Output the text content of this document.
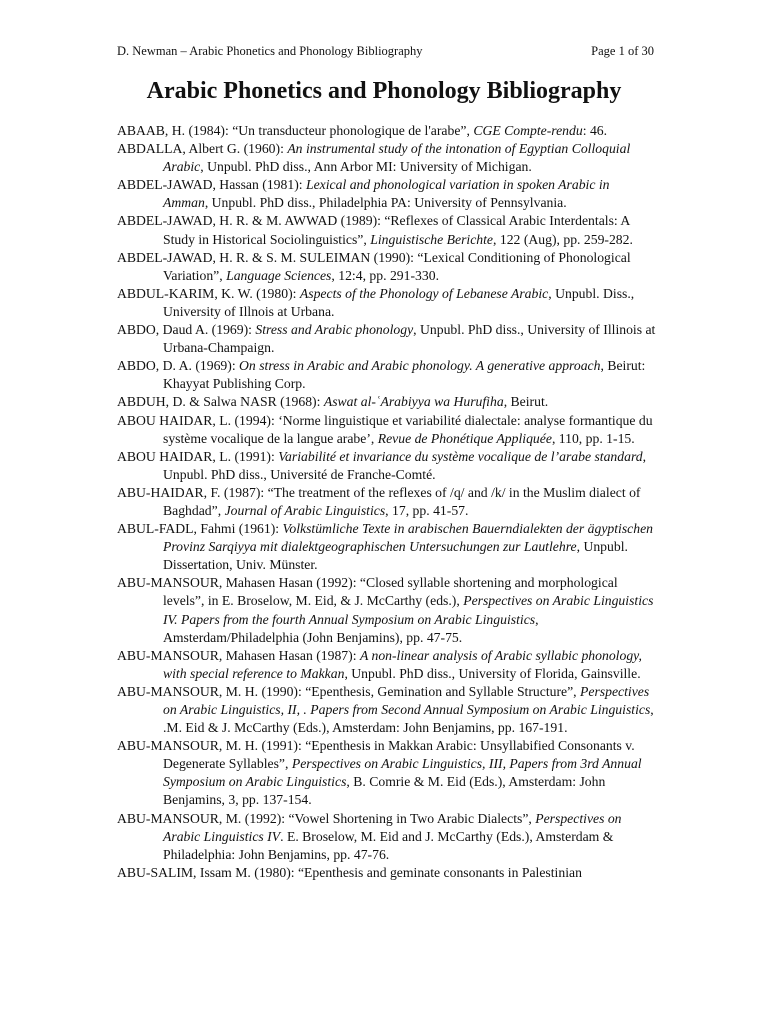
D. Newman – Arabic Phonetics and Phonology Bibliography	Page 1 of 30
Arabic Phonetics and Phonology Bibliography

ABAAB, H. (1984): “Un transducteur phonologique de l'arabe”, CGE Compte-rendu: 46.

ABDALLA, Albert G. (1960): An instrumental study of the intonation of Egyptian Colloquial Arabic, Unpubl. PhD diss., Ann Arbor MI: University of Michigan.

ABDEL-JAWAD, Hassan (1981): Lexical and phonological variation in spoken Arabic in Amman, Unpubl. PhD diss., Philadelphia PA: University of Pennsylvania.

ABDEL-JAWAD, H. R. & M. AWWAD (1989): “Reflexes of Classical Arabic Interdentals: A Study in Historical Sociolinguistics”, Linguistische Berichte, 122 (Aug), pp. 259-282.

ABDEL-JAWAD, H. R. & S. M. SULEIMAN (1990): “Lexical Conditioning of Phonological Variation”, Language Sciences, 12:4, pp. 291-330.

ABDUL-KARIM, K. W. (1980): Aspects of the Phonology of Lebanese Arabic, Unpubl. Diss., University of Illnois at Urbana.

ABDO, Daud A. (1969): Stress and Arabic phonology, Unpubl. PhD diss., University of Illinois at Urbana-Champaign.

ABDO, D. A. (1969): On stress in Arabic and Arabic phonology. A generative approach, Beirut: Khayyat Publishing Corp.

ABDUH, D. & Salwa NASR (1968): Aswat al-ʿArabiyya wa Hurufiha, Beirut.

ABOU HAIDAR, L. (1994): ‘Norme linguistique et variabilité dialectale: analyse formantique du système vocalique de la langue arabe’, Revue de Phonétique Appliquée, 110, pp. 1-15.

ABOU HAIDAR, L. (1991): Variabilité et invariance du système vocalique de l’arabe standard, Unpubl. PhD diss., Université de Franche-Comté.

ABU-HAIDAR, F. (1987): “The treatment of the reflexes of /q/ and /k/ in the Muslim dialect of Baghdad”, Journal of Arabic Linguistics, 17, pp. 41-57.

ABUL-FADL, Fahmi (1961): Volkstümliche Texte in arabischen Bauerndialekten der ägyptischen Provinz Sarqiyya mit dialektgeographischen Untersuchungen zur Lautlehre, Unpubl. Dissertation, Univ. Münster.

ABU-MANSOUR, Mahasen Hasan (1992): “Closed syllable shortening and morphological levels”, in E. Broselow, M. Eid, & J. McCarthy (eds.), Perspectives on Arabic Linguistics IV. Papers from the fourth Annual Symposium on Arabic Linguistics, Amsterdam/Philadelphia (John Benjamins), pp. 47-75.

ABU-MANSOUR, Mahasen Hasan (1987): A non-linear analysis of Arabic syllabic phonology, with special reference to Makkan, Unpubl. PhD diss., University of Florida, Gainsville.

ABU-MANSOUR, M. H. (1990): “Epenthesis, Gemination and Syllable Structure”, Perspectives on Arabic Linguistics, II, . Papers from Second Annual Symposium on Arabic Linguistics, .M. Eid & J. McCarthy (Eds.), Amsterdam: John Benjamins, pp. 167-191.

ABU-MANSOUR, M. H. (1991): “Epenthesis in Makkan Arabic: Unsyllabified Consonants v. Degenerate Syllables”, Perspectives on Arabic Linguistics, III, Papers from 3rd Annual Symposium on Arabic Linguistics, B. Comrie & M. Eid (Eds.), Amsterdam: John Benjamins, 3, pp. 137-154.

ABU-MANSOUR, M. (1992): “Vowel Shortening in Two Arabic Dialects”, Perspectives on Arabic Linguistics IV. E. Broselow, M. Eid and J. McCarthy (Eds.), Amsterdam & Philadelphia: John Benjamins, pp. 47-76.

ABU-SALIM, Issam M. (1980): “Epenthesis and geminate consonants in Palestinian
